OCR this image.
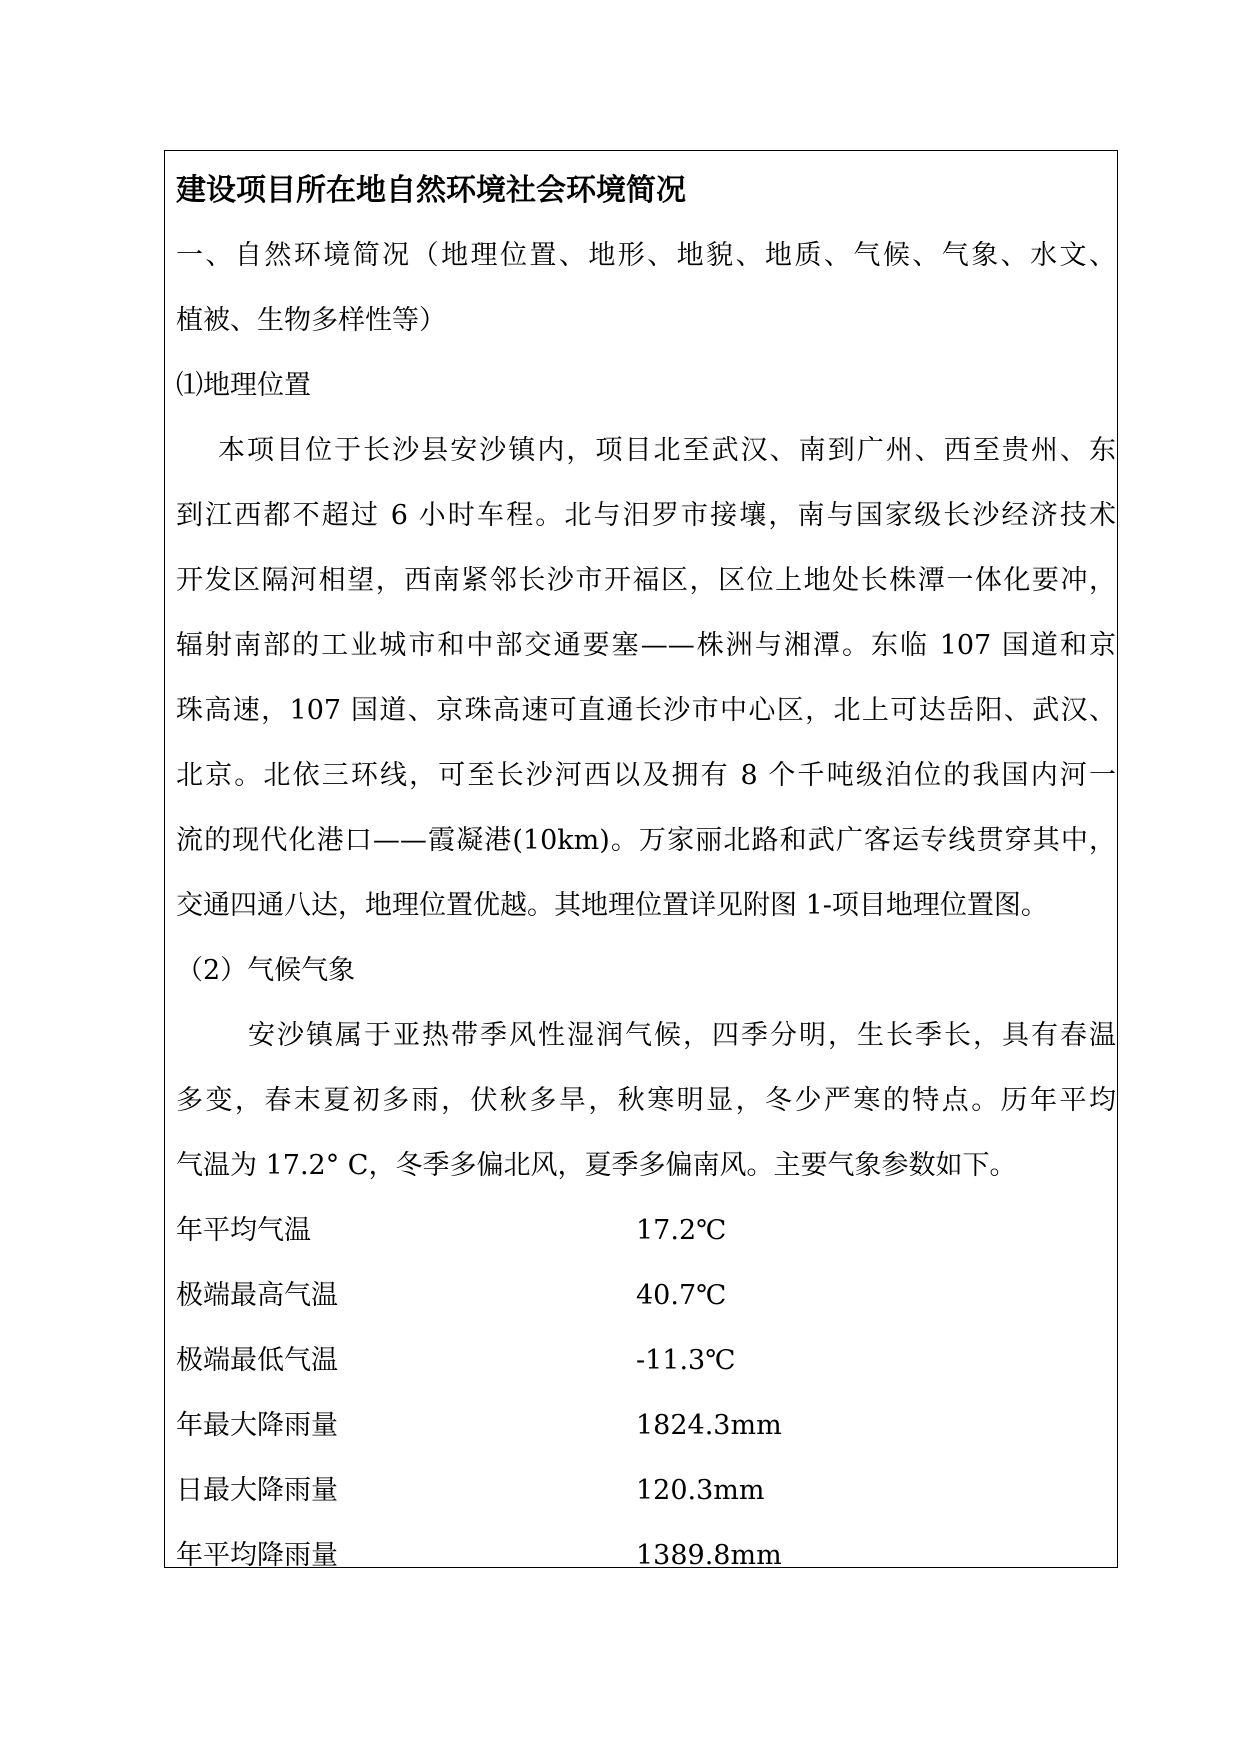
建设项目所在地自然环境社会环境简况
一、自然环境简况（地理位置、地形、地貌、地质、气候、气象、水文、
植被、生物多样性等）
⑴地理位置
本项目位于长沙县安沙镇内，项目北至武汉、南到广州、西至贵州、东
到江西都不超过 6 小时车程。北与汨罗市接壤，南与国家级长沙经济技术
开发区隔河相望，西南紧邻长沙市开福区，区位上地处长株潭一体化要冲，
辐射南部的工业城市和中部交通要塞——株洲与湘潭。东临 107 国道和京
珠高速，107 国道、京珠高速可直通长沙市中心区，北上可达岳阳、武汉、
北京。北依三环线，可至长沙河西以及拥有 8 个千吨级泊位的我国内河一
流的现代化港口——霞凝港(10km)。万家丽北路和武广客运专线贯穿其中，
交通四通八达，地理位置优越。其地理位置详见附图 1-项目地理位置图。
（2）气候气象
安沙镇属于亚热带季风性湿润气候，四季分明，生长季长，具有春温
多变，春末夏初多雨，伏秋多旱，秋寒明显，冬少严寒的特点。历年平均
气温为 17.2° C，冬季多偏北风，夏季多偏南风。主要气象参数如下。
年平均气温	17.2℃
极端最高气温	40.7℃
极端最低气温	-11.3℃
年最大降雨量	1824.3mm
日最大降雨量	120.3mm
年平均降雨量	1389.8mm
